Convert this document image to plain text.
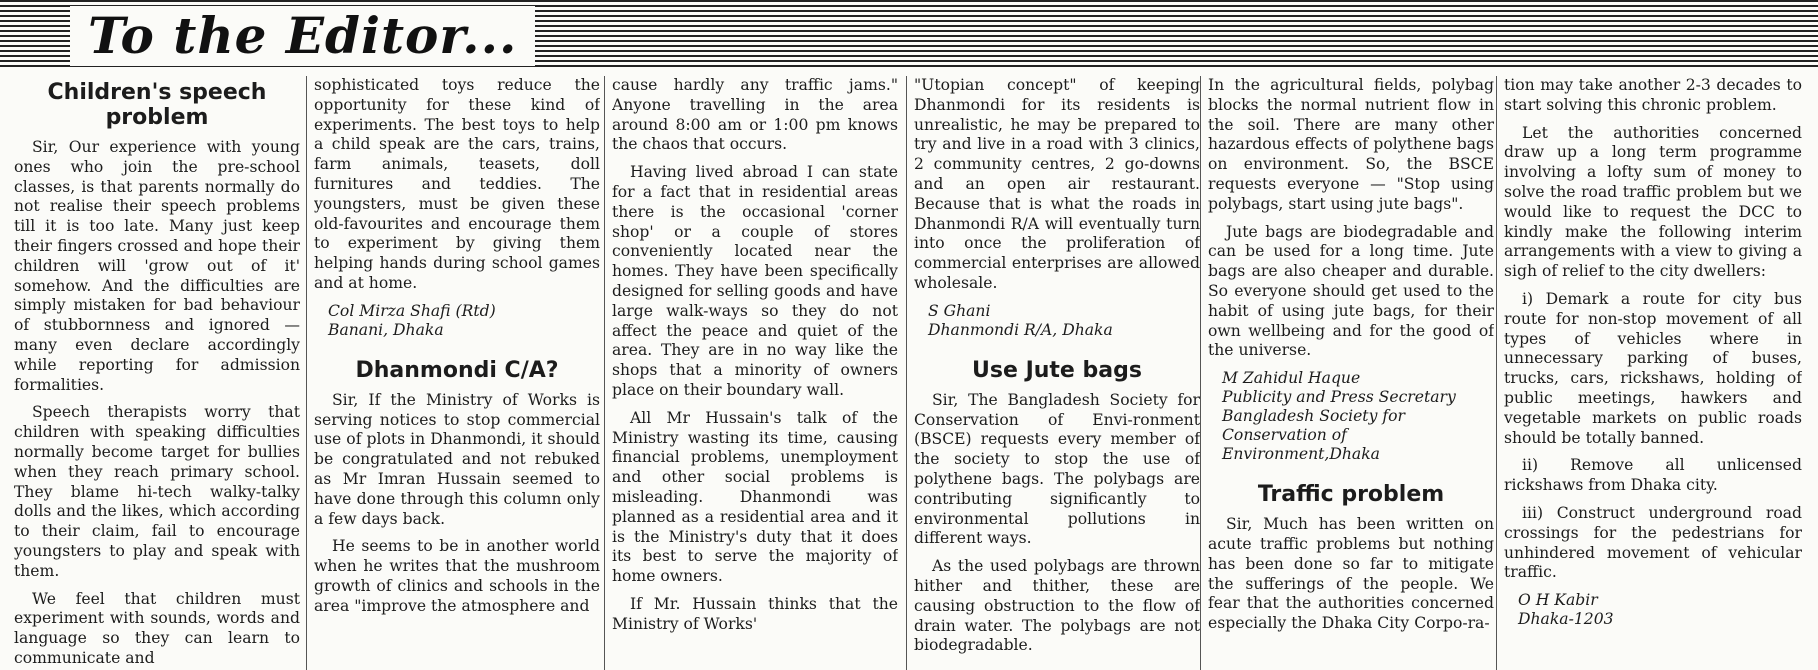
To the Editor...
Children's speech problem

Sir, Our experience with young ones who join the pre-school classes, is that parents normally do not realise their speech problems till it is too late. Many just keep their fingers crossed and hope their children will 'grow out of it' somehow. And the difficulties are simply mistaken for bad behaviour of stubbornness and ignored — many even declare accordingly while reporting for admission formalities.

Speech therapists worry that children with speaking difficulties normally become target for bullies when they reach primary school. They blame hi-tech walky-talky dolls and the likes, which according to their claim, fail to encourage youngsters to play and speak with them.

We feel that children must experiment with sounds, words and language so they can learn to communicate and

sophisticated toys reduce the opportunity for these kind of experiments. The best toys to help a child speak are the cars, trains, farm animals, teasets, doll furnitures and teddies. The youngsters, must be given these old-favourites and encourage them to experiment by giving them helping hands during school games and at home.

Col Mirza Shafi (Rtd)
Banani, Dhaka
Dhanmondi C/A?

Sir, If the Ministry of Works is serving notices to stop commercial use of plots in Dhanmondi, it should be congratulated and not rebuked as Mr Imran Hussain seemed to have done through this column only a few days back.

He seems to be in another world when he writes that the mushroom growth of clinics and schools in the area "improve the atmosphere and

cause hardly any traffic jams." Anyone travelling in the area around 8:00 am or 1:00 pm knows the chaos that occurs.

Having lived abroad I can state for a fact that in residential areas there is the occasional 'corner shop' or a couple of stores conveniently located near the homes. They have been specifically designed for selling goods and have large walk-ways so they do not affect the peace and quiet of the area. They are in no way like the shops that a minority of owners place on their boundary wall.

All Mr Hussain's talk of the Ministry wasting its time, causing financial problems, unemployment and other social problems is misleading. Dhanmondi was planned as a residential area and it is the Ministry's duty that it does its best to serve the majority of home owners.

If Mr. Hussain thinks that the Ministry of Works'

"Utopian concept" of keeping Dhanmondi for its residents is unrealistic, he may be prepared to try and live in a road with 3 clinics, 2 community centres, 2 go-downs and an open air restaurant. Because that is what the roads in Dhanmondi R/A will eventually turn into once the proliferation of commercial enterprises are allowed wholesale.

S Ghani
Dhanmondi R/A, Dhaka
Use Jute bags

Sir, The Bangladesh Society for Conservation of Envi-ronment (BSCE) requests every member of the society to stop the use of polythene bags. The polybags are contributing significantly to environmental pollutions in different ways.

As the used polybags are thrown hither and thither, these are causing obstruction to the flow of drain water. The polybags are not biodegradable.

In the agricultural fields, polybag blocks the normal nutrient flow in the soil. There are many other hazardous effects of polythene bags on environment. So, the BSCE requests everyone — "Stop using polybags, start using jute bags".

Jute bags are biodegradable and can be used for a long time. Jute bags are also cheaper and durable. So everyone should get used to the habit of using jute bags, for their own wellbeing and for the good of the universe.

M Zahidul Haque
Publicity and Press Secretary
Bangladesh Society for Conservation of Environment,Dhaka
Traffic problem

Sir, Much has been written on acute traffic problems but nothing has been done so far to mitigate the sufferings of the people. We fear that the authorities concerned especially the Dhaka City Corpo-ra-

tion may take another 2-3 decades to start solving this chronic problem.

Let the authorities concerned draw up a long term programme involving a lofty sum of money to solve the road traffic problem but we would like to request the DCC to kindly make the following interim arrangements with a view to giving a sigh of relief to the city dwellers:

i) Demark a route for city bus route for non-stop movement of all types of vehicles where in unnecessary parking of buses, trucks, cars, rickshaws, holding of public meetings, hawkers and vegetable markets on public roads should be totally banned.

ii) Remove all unlicensed rickshaws from Dhaka city.

iii) Construct underground road crossings for the pedestrians for unhindered movement of vehicular traffic.

O H Kabir
Dhaka-1203
